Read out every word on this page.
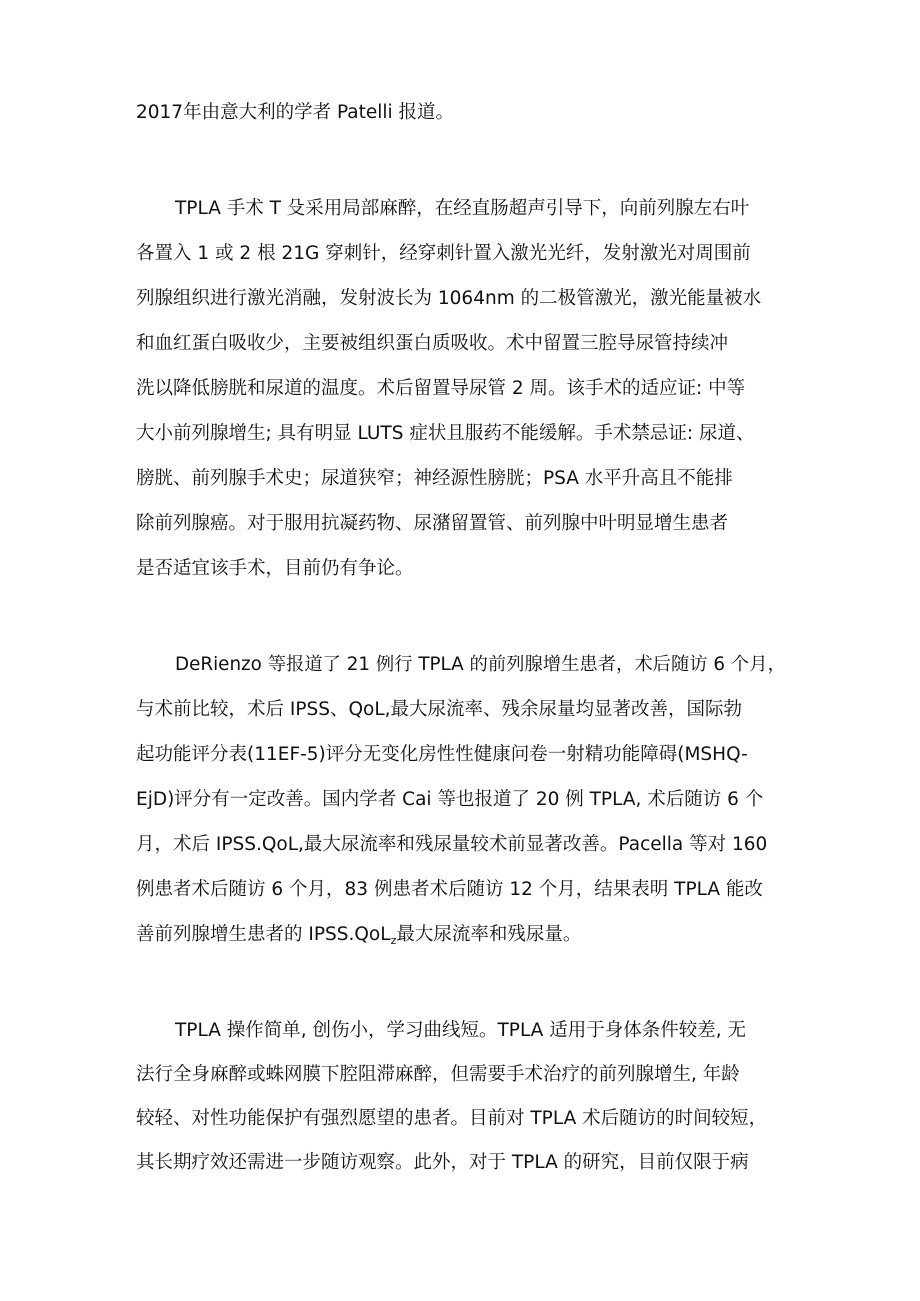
2017年由意大利的学者 Patelli 报道。

TPLA 手术 T 殳采用局部麻醉，在经直肠超声引导下，向前列腺左右叶

各置入 1 或 2 根 21G 穿刺针，经穿刺针置入激光光纤，发射激光对周围前

列腺组织进行激光消融，发射波长为 1064nm 的二极管激光，激光能量被水

和血红蛋白吸收少，主要被组织蛋白质吸收。术中留置三腔导尿管持续冲

洗以降低膀胱和尿道的温度。术后留置导尿管 2 周。该手术的适应证: 中等

大小前列腺增生; 具有明显 LUTS 症状且服药不能缓解。手术禁忌证: 尿道、

膀胱、前列腺手术史；尿道狭窄；神经源性膀胱；PSA 水平升高且不能排

除前列腺癌。对于服用抗凝药物、尿潴留置管、前列腺中叶明显增生患者

是否适宜该手术，目前仍有争论。

DeRienzo 等报道了 21 例行 TPLA 的前列腺增生患者，术后随访 6 个月，

与术前比较，术后 IPSS、QoL,最大尿流率、残余尿量均显著改善，国际勃

起功能评分表(11EF-5)评分无变化房性性健康问卷一射精功能障碍(MSHQ-

EjD)评分有一定改善。国内学者 Cai 等也报道了 20 例 TPLA, 术后随访 6 个

月，术后 IPSS.QoL,最大尿流率和残尿量较术前显著改善。Pacella 等对 160

例患者术后随访 6 个月，83 例患者术后随访 12 个月，结果表明 TPLA 能改

善前列腺增生患者的 IPSS.QoL$_z$最大尿流率和残尿量。

TPLA 操作简单, 创伤小，学习曲线短。TPLA 适用于身体条件较差, 无

法行全身麻醉或蛛网膜下腔阻滞麻醉，但需要手术治疗的前列腺增生, 年龄

较轻、对性功能保护有强烈愿望的患者。目前对 TPLA 术后随访的时间较短，

其长期疗效还需进一步随访观察。此外，对于 TPLA 的研究，目前仅限于病
